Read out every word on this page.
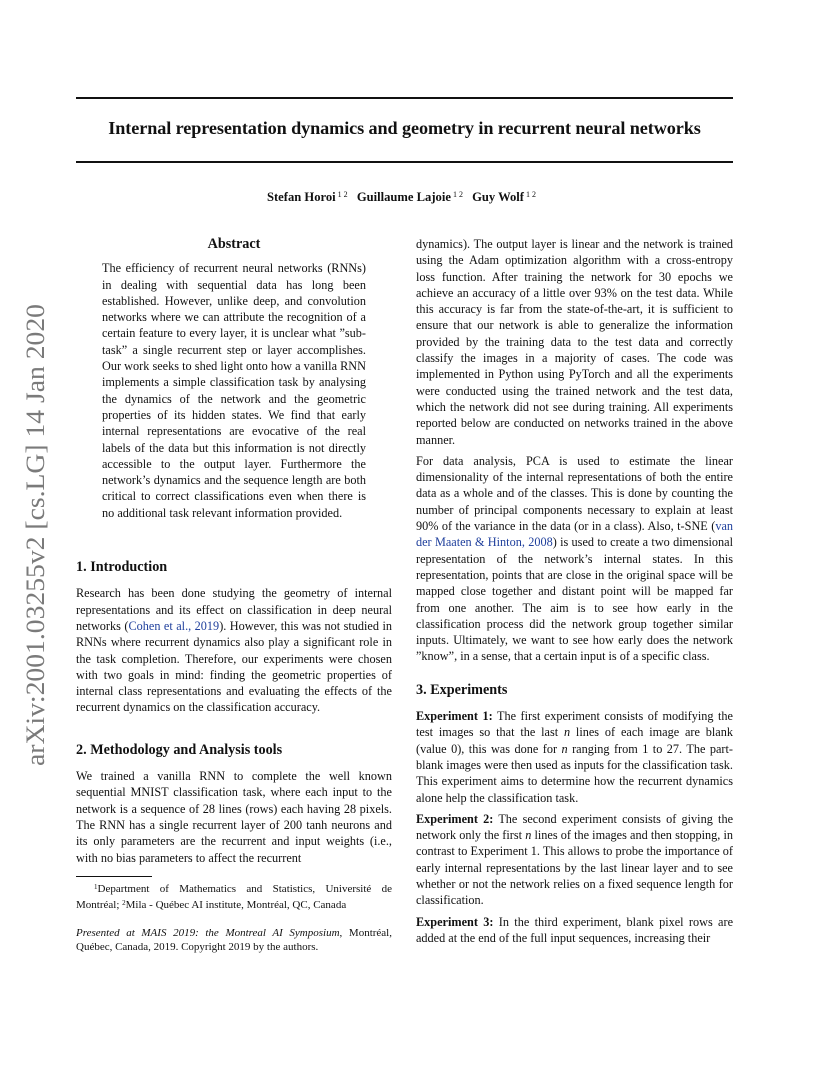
Internal representation dynamics and geometry in recurrent neural networks
Stefan Horoi $^{1 2}$ Guillaume Lajoie $^{1 2}$ Guy Wolf $^{1 2}$
arXiv:2001.03255v2 [cs.LG] 14 Jan 2020
Abstract

The efficiency of recurrent neural networks (RNNs) in dealing with sequential data has long been established. However, unlike deep, and convolution networks where we can attribute the recognition of a certain feature to every layer, it is unclear what ”sub-task” a single recurrent step or layer accomplishes. Our work seeks to shed light onto how a vanilla RNN implements a simple classification task by analysing the dynamics of the network and the geometric properties of its hidden states. We find that early internal representations are evocative of the real labels of the data but this information is not directly accessible to the output layer. Furthermore the network’s dynamics and the sequence length are both critical to correct classifications even when there is no additional task relevant information provided.

1. Introduction

Research has been done studying the geometry of internal representations and its effect on classification in deep neural networks (Cohen et al., 2019). However, this was not studied in RNNs where recurrent dynamics also play a significant role in the task completion. Therefore, our experiments were chosen with two goals in mind: finding the geometric properties of internal class representations and evaluating the effects of the recurrent dynamics on the classification accuracy.

2. Methodology and Analysis tools

We trained a vanilla RNN to complete the well known sequential MNIST classification task, where each input to the network is a sequence of 28 lines (rows) each having 28 pixels. The RNN has a single recurrent layer of 200 tanh neurons and its only parameters are the recurrent and input weights (i.e., with no bias parameters to affect the recurrent

$^1$Department of Mathematics and Statistics, Université de Montréal; $^2$Mila - Québec AI institute, Montréal, QC, Canada

Presented at MAIS 2019: the Montreal AI Symposium, Montréal, Québec, Canada, 2019. Copyright 2019 by the authors.

dynamics). The output layer is linear and the network is trained using the Adam optimization algorithm with a cross-entropy loss function. After training the network for 30 epochs we achieve an accuracy of a little over 93% on the test data. While this accuracy is far from the state-of-the-art, it is sufficient to ensure that our network is able to generalize the information provided by the training data to the test data and correctly classify the images in a majority of cases. The code was implemented in Python using PyTorch and all the experiments were conducted using the trained network and the test data, which the network did not see during training. All experiments reported below are conducted on networks trained in the above manner.

For data analysis, PCA is used to estimate the linear dimensionality of the internal representations of both the entire data as a whole and of the classes. This is done by counting the number of principal components necessary to explain at least 90% of the variance in the data (or in a class). Also, t-SNE (van der Maaten & Hinton, 2008) is used to create a two dimensional representation of the network’s internal states. In this representation, points that are close in the original space will be mapped close together and distant point will be mapped far from one another. The aim is to see how early in the classification process did the network group together similar inputs. Ultimately, we want to see how early does the network ”know”, in a sense, that a certain input is of a specific class.

3. Experiments

Experiment 1: The first experiment consists of modifying the test images so that the last n lines of each image are blank (value 0), this was done for n ranging from 1 to 27. The part-blank images were then used as inputs for the classification task. This experiment aims to determine how the recurrent dynamics alone help the classification task.

Experiment 2: The second experiment consists of giving the network only the first n lines of the images and then stopping, in contrast to Experiment 1. This allows to probe the importance of early internal representations by the last linear layer and to see whether or not the network relies on a fixed sequence length for classification.

Experiment 3: In the third experiment, blank pixel rows are added at the end of the full input sequences, increasing their
